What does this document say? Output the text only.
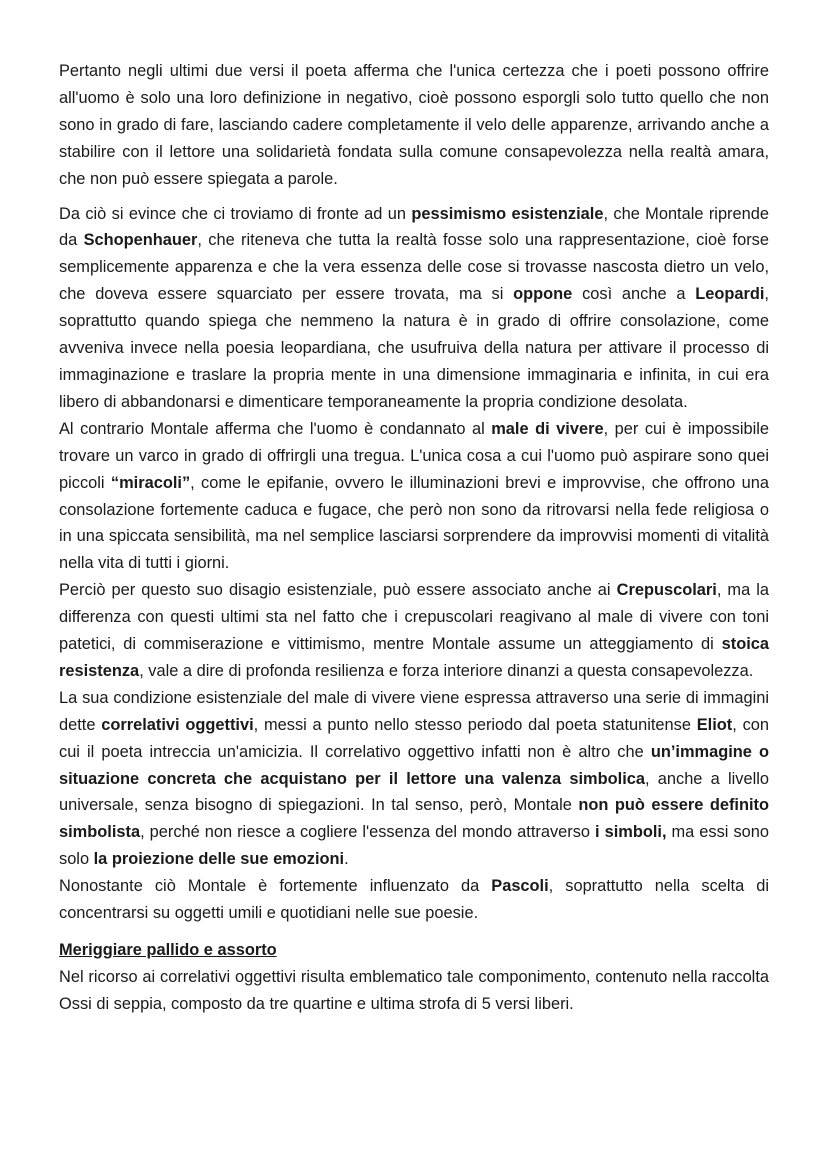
Pertanto negli ultimi due versi il poeta afferma che l'unica certezza che i poeti possono offrire all'uomo è solo una loro definizione in negativo, cioè possono esporgli solo tutto quello che non sono in grado di fare, lasciando cadere completamente il velo delle apparenze, arrivando anche a stabilire con il lettore una solidarietà fondata sulla comune consapevolezza nella realtà amara, che non può essere spiegata a parole.

Da ciò si evince che ci troviamo di fronte ad un pessimismo esistenziale, che Montale riprende da Schopenhauer, che riteneva che tutta la realtà fosse solo una rappresentazione, cioè forse semplicemente apparenza e che la vera essenza delle cose si trovasse nascosta dietro un velo, che doveva essere squarciato per essere trovata, ma si oppone così anche a Leopardi, soprattutto quando spiega che nemmeno la natura è in grado di offrire consolazione, come avveniva invece nella poesia leopardiana, che usufruiva della natura per attivare il processo di immaginazione e traslare la propria mente in una dimensione immaginaria e infinita, in cui era libero di abbandonarsi e dimenticare temporaneamente la propria condizione desolata.

Al contrario Montale afferma che l'uomo è condannato al male di vivere, per cui è impossibile trovare un varco in grado di offrirgli una tregua. L'unica cosa a cui l'uomo può aspirare sono quei piccoli “miracoli”, come le epifanie, ovvero le illuminazioni brevi e improvvise, che offrono una consolazione fortemente caduca e fugace, che però non sono da ritrovarsi nella fede religiosa o in una spiccata sensibilità, ma nel semplice lasciarsi sorprendere da improvvisi momenti di vitalità nella vita di tutti i giorni.

Perciò per questo suo disagio esistenziale, può essere associato anche ai Crepuscolari, ma la differenza con questi ultimi sta nel fatto che i crepuscolari reagivano al male di vivere con toni patetici, di commiserazione e vittimismo, mentre Montale assume un atteggiamento di stoica resistenza, vale a dire di profonda resilienza e forza interiore dinanzi a questa consapevolezza.

La sua condizione esistenziale del male di vivere viene espressa attraverso una serie di immagini dette correlativi oggettivi, messi a punto nello stesso periodo dal poeta statunitense Eliot, con cui il poeta intreccia un'amicizia. Il correlativo oggettivo infatti non è altro che un’immagine o situazione concreta che acquistano per il lettore una valenza simbolica, anche a livello universale, senza bisogno di spiegazioni. In tal senso, però, Montale non può essere definito simbolista, perché non riesce a cogliere l'essenza del mondo attraverso i simboli, ma essi sono solo la proiezione delle sue emozioni.

Nonostante ciò Montale è fortemente influenzato da Pascoli, soprattutto nella scelta di concentrarsi su oggetti umili e quotidiani nelle sue poesie.

Meriggiare pallido e assorto

Nel ricorso ai correlativi oggettivi risulta emblematico tale componimento, contenuto nella raccolta Ossi di seppia, composto da tre quartine e ultima strofa di 5 versi liberi.
